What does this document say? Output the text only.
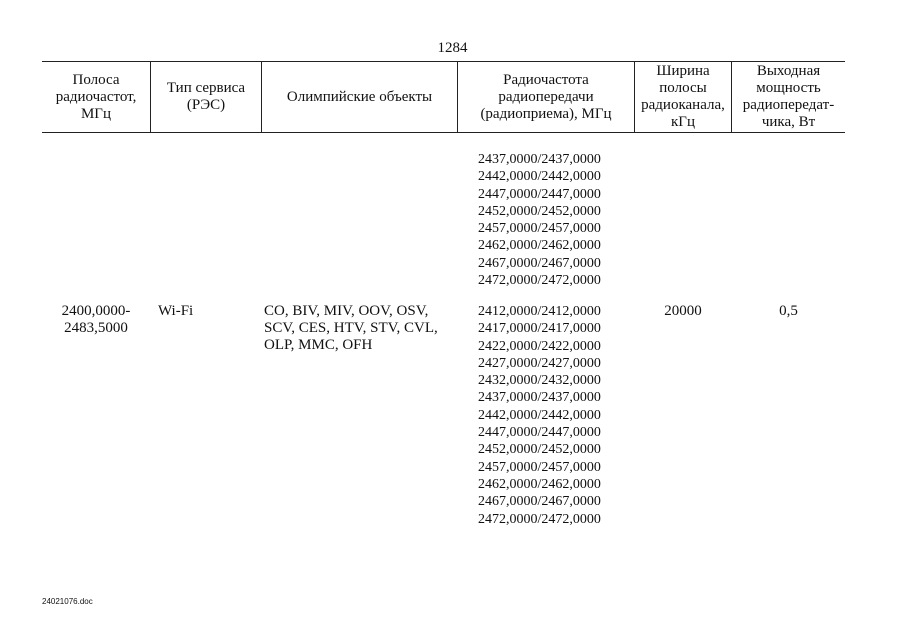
1284
Полоса
радиочастот,
МГц
Тип сервиса
(РЭС)
Олимпийские объекты
Радиочастота
радиопередачи
(радиоприема), МГц
Ширина
полосы
радиоканала,
кГц
Выходная
мощность
радиопередат-
чика, Вт
2437,0000/2437,0000
2442,0000/2442,0000
2447,0000/2447,0000
2452,0000/2452,0000
2457,0000/2457,0000
2462,0000/2462,0000
2467,0000/2467,0000
2472,0000/2472,0000
2400,0000-
2483,5000
Wi-Fi	CO, BIV, MIV, OOV, OSV,
SCV, CES, HTV, STV, CVL,
OLP, MMC, OFH
2412,0000/2412,0000
2417,0000/2417,0000
2422,0000/2422,0000
2427,0000/2427,0000
2432,0000/2432,0000
2437,0000/2437,0000
2442,0000/2442,0000
2447,0000/2447,0000
2452,0000/2452,0000
2457,0000/2457,0000
2462,0000/2462,0000
2467,0000/2467,0000
2472,0000/2472,0000
20000	0,5
24021076.doc
